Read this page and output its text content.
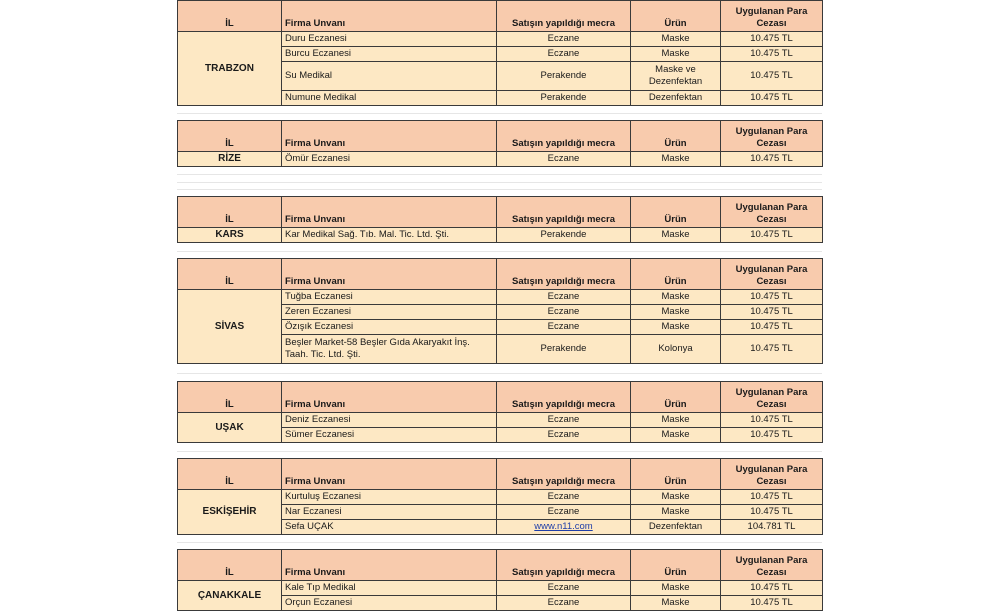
İL	Firma Unvanı	Satışın yapıldığı mecra	Ürün	Uygulanan Para Cezası
TRABZON	Duru Eczanesi	Eczane	Maske	10.475 TL
	Burcu Eczanesi	Eczane	Maske	10.475 TL
	Su Medikal	Perakende	Maske ve Dezenfektan	10.475 TL
	Numune Medikal	Perakende	Dezenfektan	10.475 TL
İL	Firma Unvanı	Satışın yapıldığı mecra	Ürün	Uygulanan Para Cezası
RİZE	Ömür Eczanesi	Eczane	Maske	10.475 TL
İL	Firma Unvanı	Satışın yapıldığı mecra	Ürün	Uygulanan Para Cezası
KARS	Kar Medikal Sağ. Tıb. Mal. Tic. Ltd. Şti.	Perakende	Maske	10.475 TL
İL	Firma Unvanı	Satışın yapıldığı mecra	Ürün	Uygulanan Para Cezası
SİVAS	Tuğba Eczanesi	Eczane	Maske	10.475 TL
	Zeren Eczanesi	Eczane	Maske	10.475 TL
	Özışık Eczanesi	Eczane	Maske	10.475 TL
	Beşler Market-58 Beşler Gıda Akaryakıt İnş. Taah. Tic. Ltd. Şti.	Perakende	Kolonya	10.475 TL
İL	Firma Unvanı	Satışın yapıldığı mecra	Ürün	Uygulanan Para Cezası
UŞAK	Deniz Eczanesi	Eczane	Maske	10.475 TL
	Sümer Eczanesi	Eczane	Maske	10.475 TL
İL	Firma Unvanı	Satışın yapıldığı mecra	Ürün	Uygulanan Para Cezası
ESKİŞEHİR	Kurtuluş Eczanesi	Eczane	Maske	10.475 TL
	Nar Eczanesi	Eczane	Maske	10.475 TL
	Sefa UÇAK	www.n11.com	Dezenfektan	104.781 TL
İL	Firma Unvanı	Satışın yapıldığı mecra	Ürün	Uygulanan Para Cezası
ÇANAKKALE	Kale Tıp Medikal	Eczane	Maske	10.475 TL
	Orçun Eczanesi	Eczane	Maske	10.475 TL
